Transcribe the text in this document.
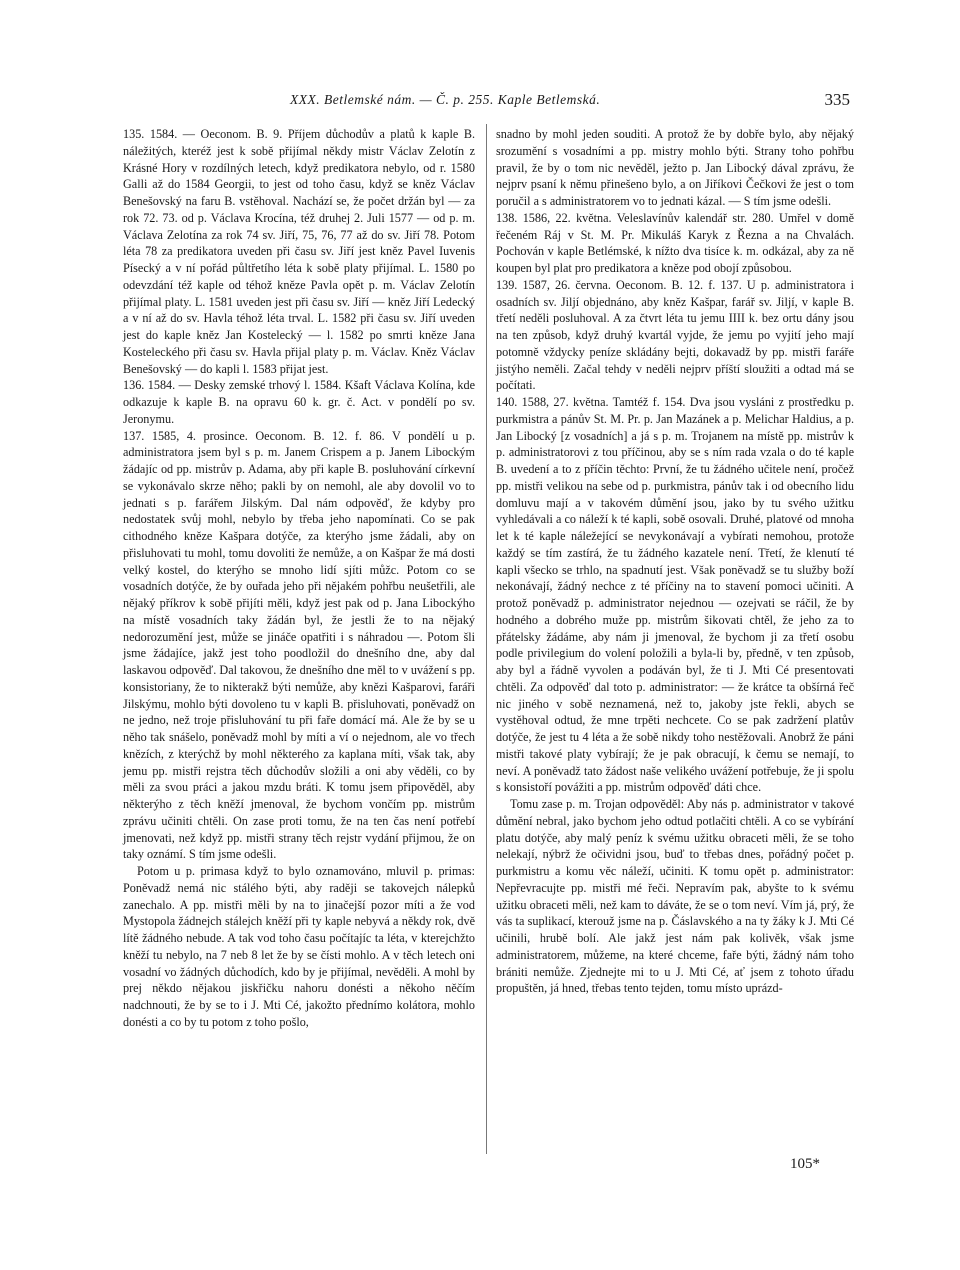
XXX. Betlemské nám. — Č. p. 255. Kaple Betlemská.	335

135. 1584. — Oeconom. B. 9. Příjem důchodův a platů k kaple B. náležitých, kteréž jest k sobě přijímal někdy mistr Václav Zelotín z Krásné Hory v rozdílných letech, když predikatora nebylo, od r. 1580 Galli až do 1584 Georgii, to jest od toho času, když se kněz Václav Benešovský na faru B. vstěhoval. Nachází se, že počet držán byl — za rok 72. 73. od p. Václava Krocína, též druhej 2. Juli 1577 — od p. m. Václava Zelotína za rok 74 sv. Jiří, 75, 76, 77 až do sv. Jiří 78. Potom léta 78 za predikatora uveden při času sv. Jiří jest kněz Pavel Iuvenis Písecký a v ní pořád půltřetího léta k sobě platy přijímal. L. 1580 po odevzdání též kaple od téhož kněze Pavla opět p. m. Václav Zelotín přijímal platy. L. 1581 uveden jest při času sv. Jiří — kněz Jiří Ledecký a v ní až do sv. Havla téhož léta trval. L. 1582 při času sv. Jiří uveden jest do kaple kněz Jan Kostelecký — l. 1582 po smrti kněze Jana Kosteleckého při času sv. Havla přijal platy p. m. Václav. Kněz Václav Benešovský — do kapli l. 1583 přijat jest.

136. 1584. — Desky zemské trhový l. 1584. Kšaft Václava Kolína, kde odkazuje k kaple B. na opravu 60 k. gr. č. Act. v pondělí po sv. Jeronymu.

137. 1585, 4. prosince. Oeconom. B. 12. f. 86. V pondělí u p. administratora jsem byl s p. m. Janem Crispem a p. Janem Libockým žádajíc od pp. mistrův p. Adama, aby při kaple B. posluhování církevní se vykonávalo skrze něho; pakli by on nemohl, ale aby dovolil vo to jednati s p. farářem Jilským. Dal nám odpověď, že kdyby pro nedostatek svůj mohl, nebylo by třeba jeho napomínati. Co se pak cithodného kněze Kašpara dotýče, za kterýho jsme žádali, aby on přisluhovati tu mohl, tomu dovoliti že nemůže, a on Kašpar že má dosti velký kostel, do kterýho se mnoho lidí sjíti můžc. Potom co se vosadních dotýče, že by ouřada jeho při nějakém pohřbu neušetřili, ale nějaký příkrov k sobě přijíti měli, když jest pak od p. Jana Libockýho na místě vosadních taky žádán byl, že jestli že to na nějaký nedorozumění jest, může se jináče opatřiti i s náhradou —. Potom šli jsme žádajíce, jakž jest toho poodložil do dnešního dne, aby dal laskavou odpověď. Dal takovou, že dnešního dne měl to v uvážení s pp. konsistoriany, že to nikterakž býti nemůže, aby knězi Kašparovi, faráři Jilskýmu, mohlo býti dovoleno tu v kapli B. přisluhovati, poněvadž on ne jedno, než troje přisluhování tu při faře domácí má. Ale že by se u něho tak snášelo, poněvadž mohl by míti a ví o nejednom, ale vo třech knězích, z kterýchž by mohl některého za kaplana míti, však tak, aby jemu pp. mistři rejstra těch důchodův složili a oni aby věděli, co by měli za svou práci a jakou mzdu bráti. K tomu jsem připověděl, aby některýho z těch kněží jmenoval, že bychom vončím pp. mistrům zprávu učiniti chtěli. On zase proti tomu, že na ten čas není potřebí jmenovati, než když pp. mistři strany těch rejstr vydání přijmou, že on taky oznámí. S tím jsme odešli.

Potom u p. primasa když to bylo oznamováno, mluvil p. primas: Poněvadž nemá nic stálého býti, aby raději se takovejch nálepků zanechalo. A pp. mistři měli by na to jinačejší pozor míti a že vod Mystopola žádnejch stálejch kněží při ty kaple nebyvá a někdy rok, dvě lítě žádného nebude. A tak vod toho času počítajíc ta léta, v kterejchžto kněží tu nebylo, na 7 neb 8 let že by se čísti mohlo. A v těch letech oni vosadní vo žádných důchodích, kdo by je přijímal, nevěděli. A mohl by prej někdo nějakou jiskřičku nahoru donésti a někoho něčím nadchnouti, že by se to i J. Mti Cé, jakožto přednímo kolátora, mohlo donésti a co by tu potom z toho pošlo,

snadno by mohl jeden souditi. A protož že by dobře bylo, aby nějaký srozumění s vosadními a pp. mistry mohlo býti. Strany toho pohřbu pravil, že by o tom nic nevěděl, ježto p. Jan Libocký dával zprávu, že nejprv psaní k němu přinešeno bylo, a on Jiříkovi Čečkovi že jest o tom poručil a s administratorem vo to jednati kázal. — S tím jsme odešli.

138. 1586, 22. května. Veleslavínův kalendář str. 280. Umřel v domě řečeném Ráj v St. M. Pr. Mikuláš Karyk z Řezna a na Chvalách. Pochován v kaple Betlémské, k nížto dva tisíce k. m. odkázal, aby za ně koupen byl plat pro predikatora a kněze pod obojí způsobou.

139. 1587, 26. června. Oeconom. B. 12. f. 137. U p. administratora i osadních sv. Jiljí objednáno, aby kněz Kašpar, farář sv. Jiljí, v kaple B. třetí neděli posluhoval. A za čtvrt léta tu jemu IIII k. bez ortu dány jsou na ten způsob, když druhý kvartál vyjde, že jemu po vyjití jeho mají potomně vždycky peníze skládány bejti, dokavadž by pp. mistři faráře jistýho neměli. Začal tehdy v neděli nejprv příští sloužiti a odtad má se počítati.

140. 1588, 27. května. Tamtéž f. 154. Dva jsou vysláni z prostředku p. purkmistra a pánův St. M. Pr. p. Jan Mazánek a p. Melichar Haldius, a p. Jan Libocký [z vosadních] a já s p. m. Trojanem na místě pp. mistrův k p. administratorovi z tou příčinou, aby se s ním rada vzala o do té kaple B. uvedení a to z příčin těchto: První, že tu žádného učitele není, pročež pp. mistři velikou na sebe od p. purkmistra, pánův tak i od obecního lidu domluvu mají a v takovém důmění jsou, jako by tu svého užitku vyhledávali a co náleží k té kapli, sobě osovali. Druhé, platové od mnoha let k té kaple náležející se nevykonávají a vybírati nemohou, protože každý se tím zastírá, že tu žádného kazatele není. Třetí, že klenutí té kapli všecko se trhlo, na spadnutí jest. Však poněvadž se tu služby boží nekonávají, žádný nechce z té příčiny na to stavení pomoci učiniti. A protož poněvadž p. administrator nejednou — ozejvati se ráčil, že by hodného a dobrého muže pp. mistrům šikovati chtěl, že jeho za to přátelsky žádáme, aby nám ji jmenoval, že bychom ji za třetí osobu podle privilegium do volení položili a byla-li by, předně, v ten způsob, aby byl a řádně vyvolen a podáván byl, že ti J. Mti Cé presentovati chtěli. Za odpověď dal toto p. administrator: — že krátce ta obšírná řeč nic jiného v sobě neznamená, než to, jakoby jste řekli, abych se vystěhoval odtud, že mne trpěti nechcete. Co se pak zadržení platův dotýče, že jest tu 4 léta a že sobě nikdy toho nestěžovali. Anobrž že páni mistři takové platy vybírají; že je pak obracují, k čemu se nemají, to neví. A poněvadž tato žádost naše velikého uvážení potřebuje, že ji spolu s konsistoří povážiti a pp. mistrům odpověď dáti chce.

Tomu zase p. m. Trojan odpověděl: Aby nás p. administrator v takové důmění nebral, jako bychom jeho odtud potlačiti chtěli. A co se vybírání platu dotýče, aby malý peníz k svému užitku obraceti měli, že se toho nelekají, nýbrž že očividni jsou, buď to třebas dnes, pořádný počet p. purkmistru a komu věc náleží, učiniti. K tomu opět p. administrator: Nepřevracujte pp. mistři mé řeči. Nepravím pak, abyšte to k svému užitku obraceti měli, než kam to dáváte, že se o tom neví. Vím já, prý, že vás ta suplikací, kterouž jsme na p. Čáslavského a na ty žáky k J. Mti Cé učinili, hrubě bolí. Ale jakž jest nám pak kolivěk, však jsme administratorem, můžeme, na které chceme, faře býti, žádný nám toho brániti nemůže. Zjednejte mi to u J. Mti Cé, ať jsem z tohoto úřadu propuštěn, já hned, třebas tento tejden, tomu místo uprázd-

105*
